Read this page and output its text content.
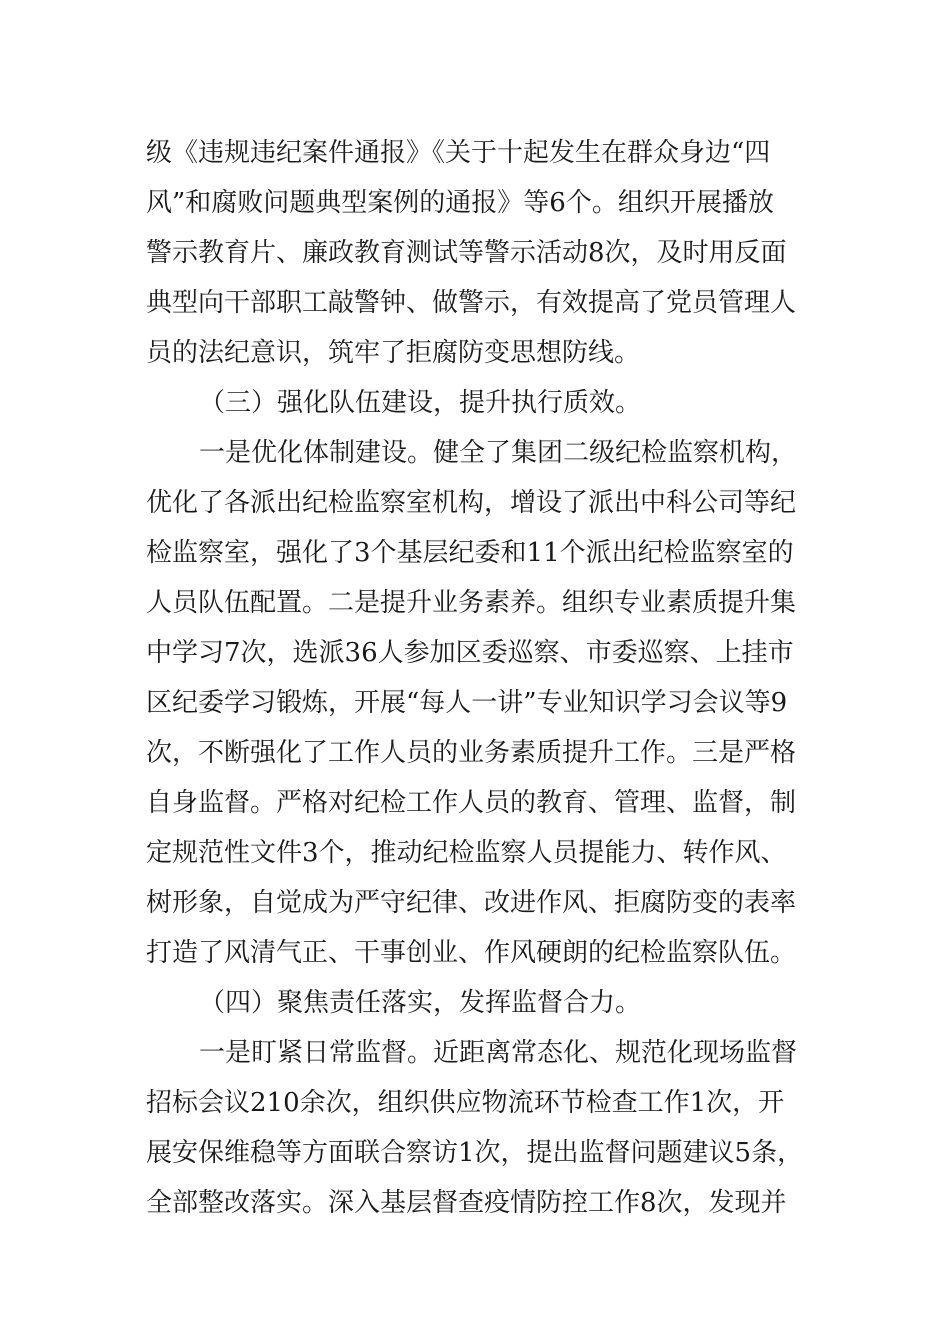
级《违规违纪案件通报》《关于十起发生在群众身边“四
风”和腐败问题典型案例的通报》等6个。组织开展播放
警示教育片、廉政教育测试等警示活动8次，及时用反面
典型向干部职工敲警钟、做警示，有效提高了党员管理人
员的法纪意识，筑牢了拒腐防变思想防线。
（三）强化队伍建设，提升执行质效。
一是优化体制建设。健全了集团二级纪检监察机构，
优化了各派出纪检监察室机构，增设了派出中科公司等纪
检监察室，强化了3个基层纪委和11个派出纪检监察室的
人员队伍配置。二是提升业务素养。组织专业素质提升集
中学习7次，选派36人参加区委巡察、市委巡察、上挂市
区纪委学习锻炼，开展“每人一讲”专业知识学习会议等9
次，不断强化了工作人员的业务素质提升工作。三是严格
自身监督。严格对纪检工作人员的教育、管理、监督，制
定规范性文件3个，推动纪检监察人员提能力、转作风、
树形象，自觉成为严守纪律、改进作风、拒腐防变的表率
打造了风清气正、干事创业、作风硬朗的纪检监察队伍。
（四）聚焦责任落实，发挥监督合力。
一是盯紧日常监督。近距离常态化、规范化现场监督
招标会议210余次，组织供应物流环节检查工作1次，开
展安保维稳等方面联合察访1次，提出监督问题建议5条，
全部整改落实。深入基层督查疫情防控工作8次，发现并
